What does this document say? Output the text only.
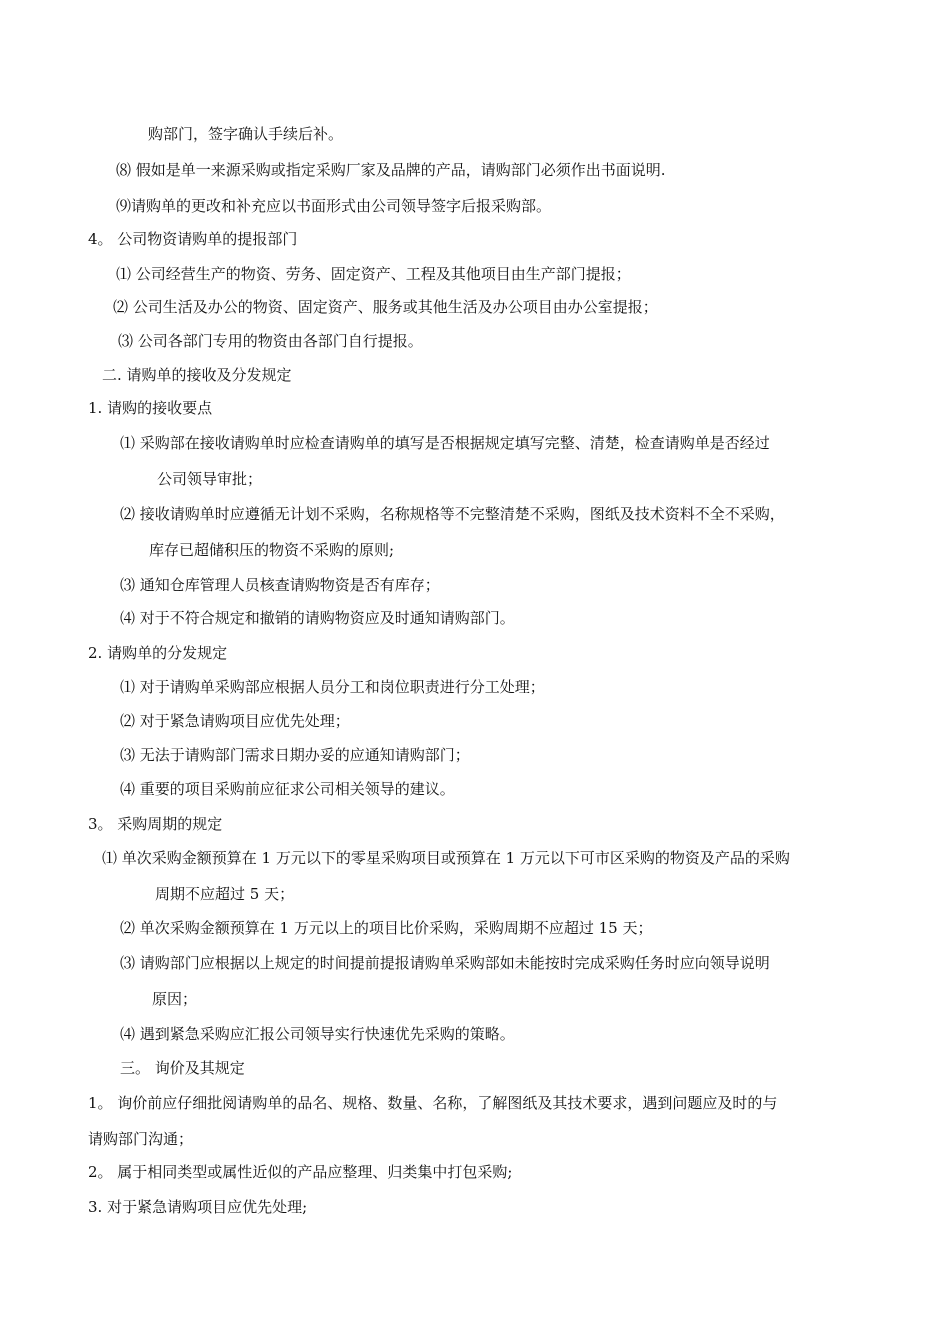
购部门，签字确认手续后补。
⑻ 假如是单一来源采购或指定采购厂家及品牌的产品，请购部门必须作出书面说明.
⑼请购单的更改和补充应以书面形式由公司领导签字后报采购部。
4。 公司物资请购单的提报部门
⑴ 公司经营生产的物资、劳务、固定资产、工程及其他项目由生产部门提报；
⑵ 公司生活及办公的物资、固定资产、服务或其他生活及办公项目由办公室提报；
⑶ 公司各部门专用的物资由各部门自行提报。
二. 请购单的接收及分发规定
1. 请购的接收要点
⑴ 采购部在接收请购单时应检查请购单的填写是否根据规定填写完整、清楚，检查请购单是否经过
公司领导审批；
⑵ 接收请购单时应遵循无计划不采购，名称规格等不完整清楚不采购，图纸及技术资料不全不采购，
库存已超储积压的物资不采购的原则;
⑶ 通知仓库管理人员核查请购物资是否有库存；
⑷ 对于不符合规定和撤销的请购物资应及时通知请购部门。
2. 请购单的分发规定
⑴ 对于请购单采购部应根据人员分工和岗位职责进行分工处理；
⑵ 对于紧急请购项目应优先处理；
⑶ 无法于请购部门需求日期办妥的应通知请购部门；
⑷ 重要的项目采购前应征求公司相关领导的建议。
3。 采购周期的规定
⑴ 单次采购金额预算在 1 万元以下的零星采购项目或预算在 1 万元以下可市区采购的物资及产品的采购
周期不应超过 5 天；
⑵ 单次采购金额预算在 1 万元以上的项目比价采购，采购周期不应超过 15 天；
⑶ 请购部门应根据以上规定的时间提前提报请购单采购部如未能按时完成采购任务时应向领导说明
原因；
⑷ 遇到紧急采购应汇报公司领导实行快速优先采购的策略。
三。 询价及其规定
1。 询价前应仔细批阅请购单的品名、规格、数量、名称，了解图纸及其技术要求，遇到问题应及时的与
请购部门沟通；
2。 属于相同类型或属性近似的产品应整理、归类集中打包采购;
3. 对于紧急请购项目应优先处理;
